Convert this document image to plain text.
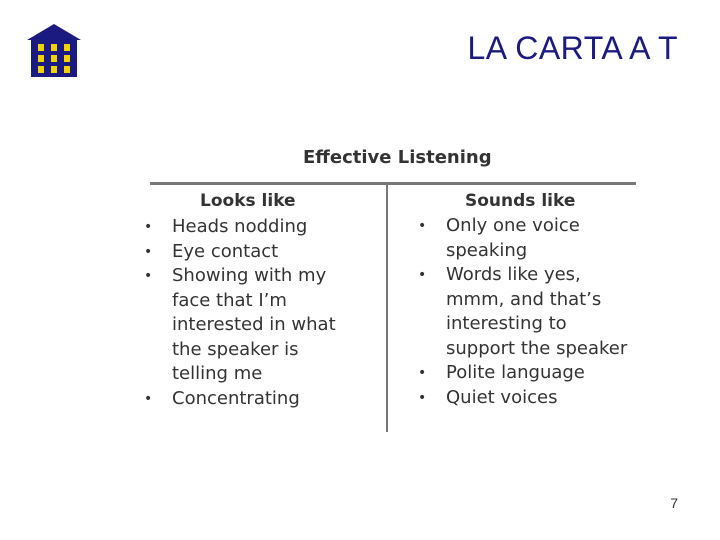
LA CARTA A T
Effective Listening
Looks like	Sounds like
• Heads nodding
• Eye contact
• Showing with my
face that I’m
interested in what
the speaker is
telling me
• Concentrating
• Only one voice
speaking
• Words like yes,
mmm, and that’s
interesting to
support the speaker
• Polite language
• Quiet voices
7
